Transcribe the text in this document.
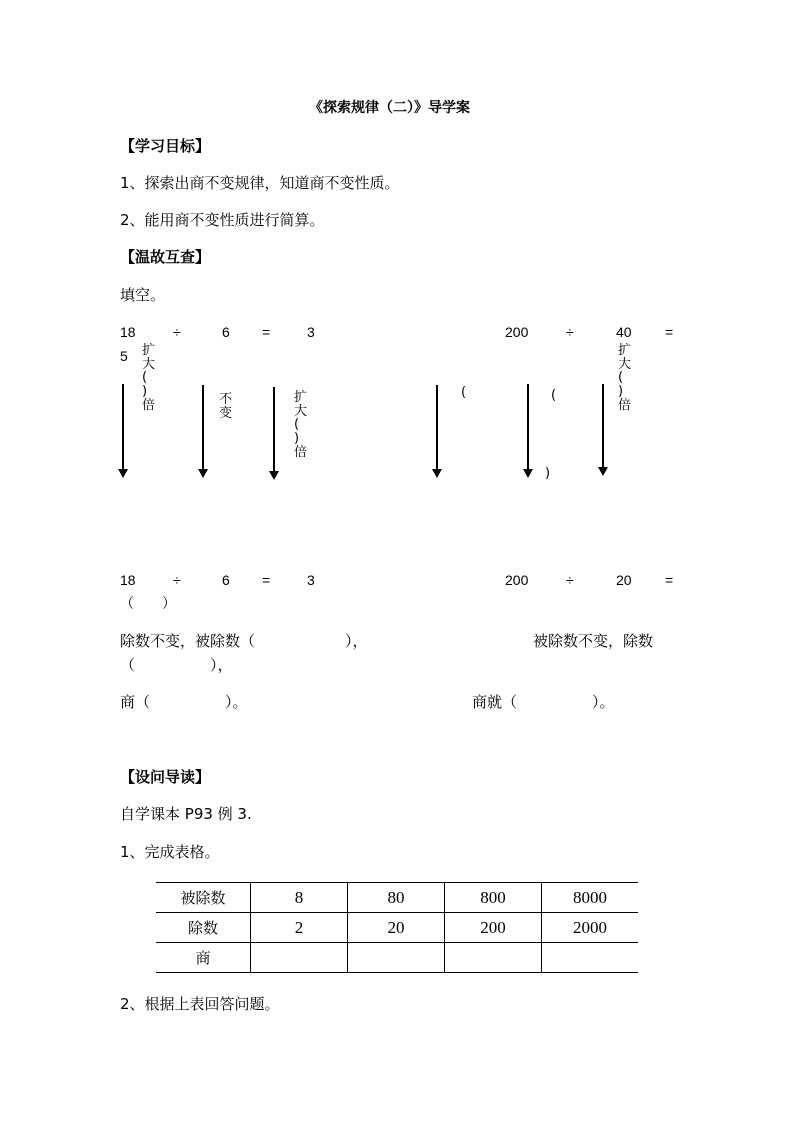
《探索规律（二）》导学案
【学习目标】
1、探索出商不变规律，知道商不变性质。
2、能用商不变性质进行简算。
【温故互查】
填空。
18	÷	6 =	3	200	÷	40 =
5 扩
大
(
)
倍	不
变
扩
大
(
)
倍
(	(
)
扩
大
(
)
倍
18	÷	6 =	3	200	÷	20 =
（　　）
除数不变，被除数（　　　　　　），	被除数不变，除数
（　　　　　），
商（　　　　　）。	商就（　　　　　）。
【设问导读】
自学课本 P93 例 3.
1、完成表格。
被除数	8	80	800	8000
除数	2	20	200	2000
商				
2、根据上表回答问题。
